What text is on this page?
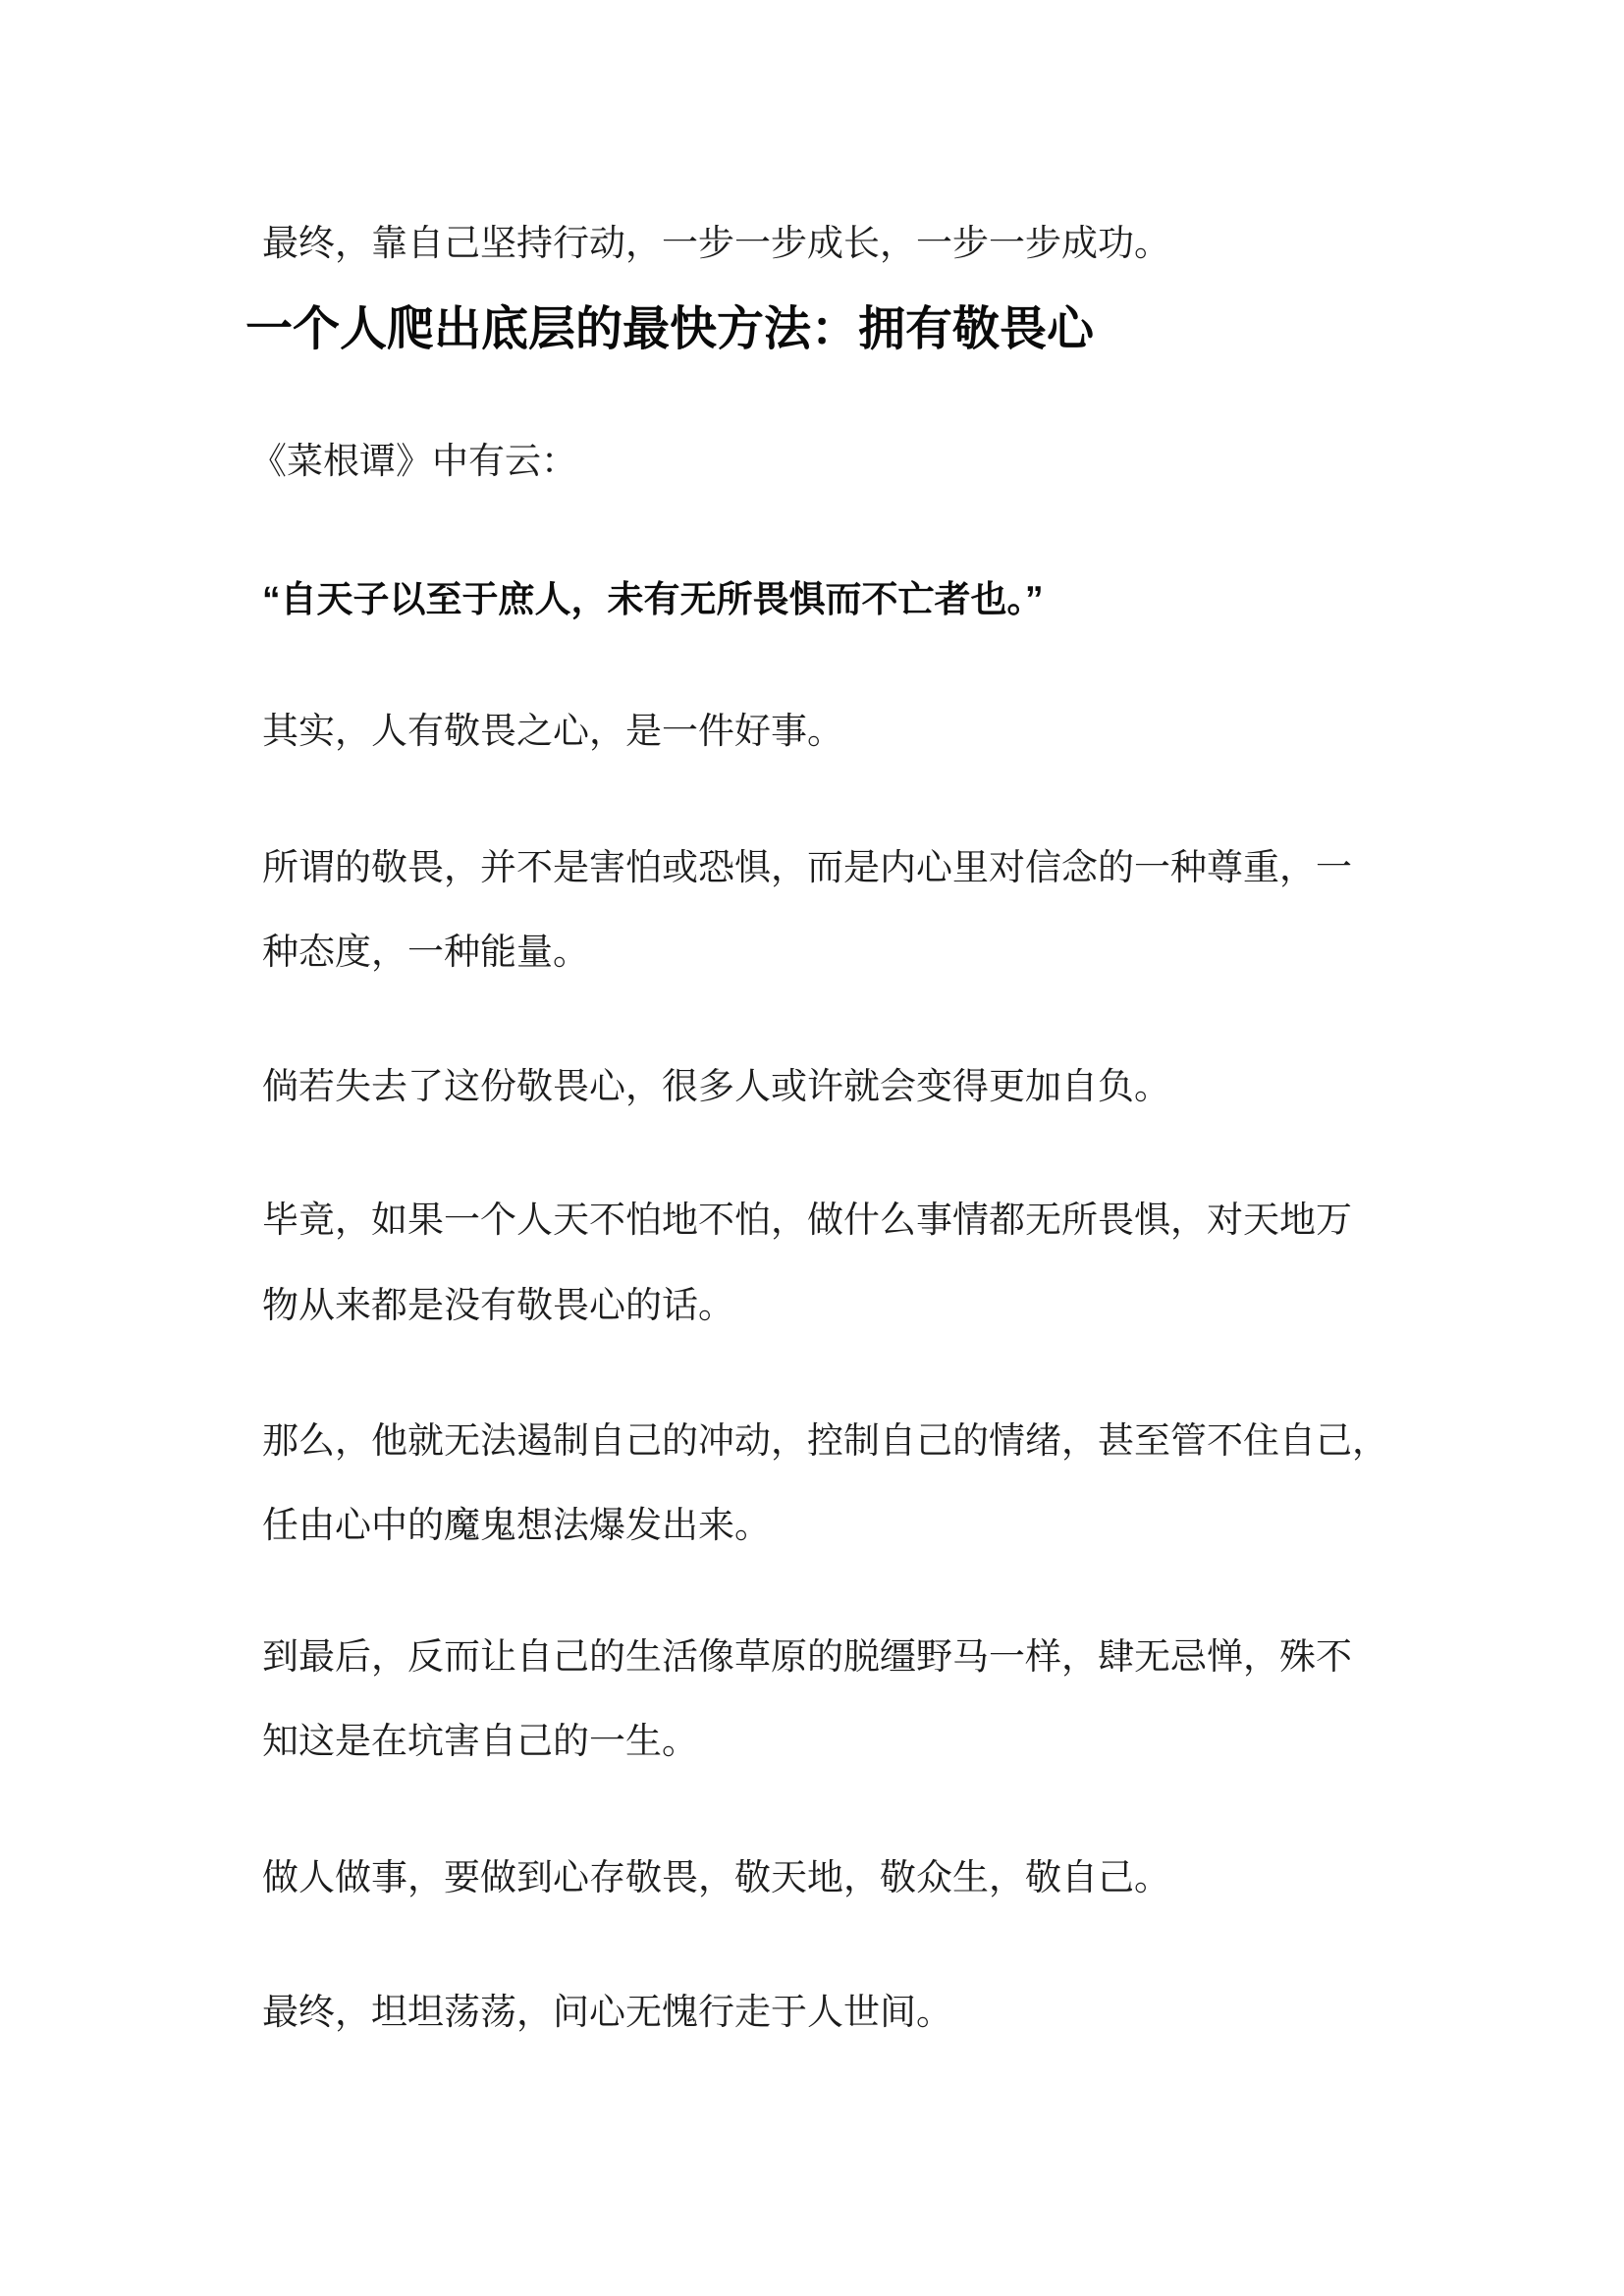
最终，靠自己坚持行动，一步一步成长，一步一步成功。
一个人爬出底层的最快方法：拥有敬畏心
《菜根谭》中有云：
“自天子以至于庶人，未有无所畏惧而不亡者也。”
其实，人有敬畏之心，是一件好事。
所谓的敬畏，并不是害怕或恐惧，而是内心里对信念的一种尊重，一
种态度，一种能量。
倘若失去了这份敬畏心，很多人或许就会变得更加自负。
毕竟，如果一个人天不怕地不怕，做什么事情都无所畏惧，对天地万
物从来都是没有敬畏心的话。
那么，他就无法遏制自己的冲动，控制自己的情绪，甚至管不住自己，
任由心中的魔鬼想法爆发出来。
到最后，反而让自己的生活像草原的脱缰野马一样，肆无忌惮，殊不
知这是在坑害自己的一生。
做人做事，要做到心存敬畏，敬天地，敬众生，敬自己。
最终，坦坦荡荡，问心无愧行走于人世间。
